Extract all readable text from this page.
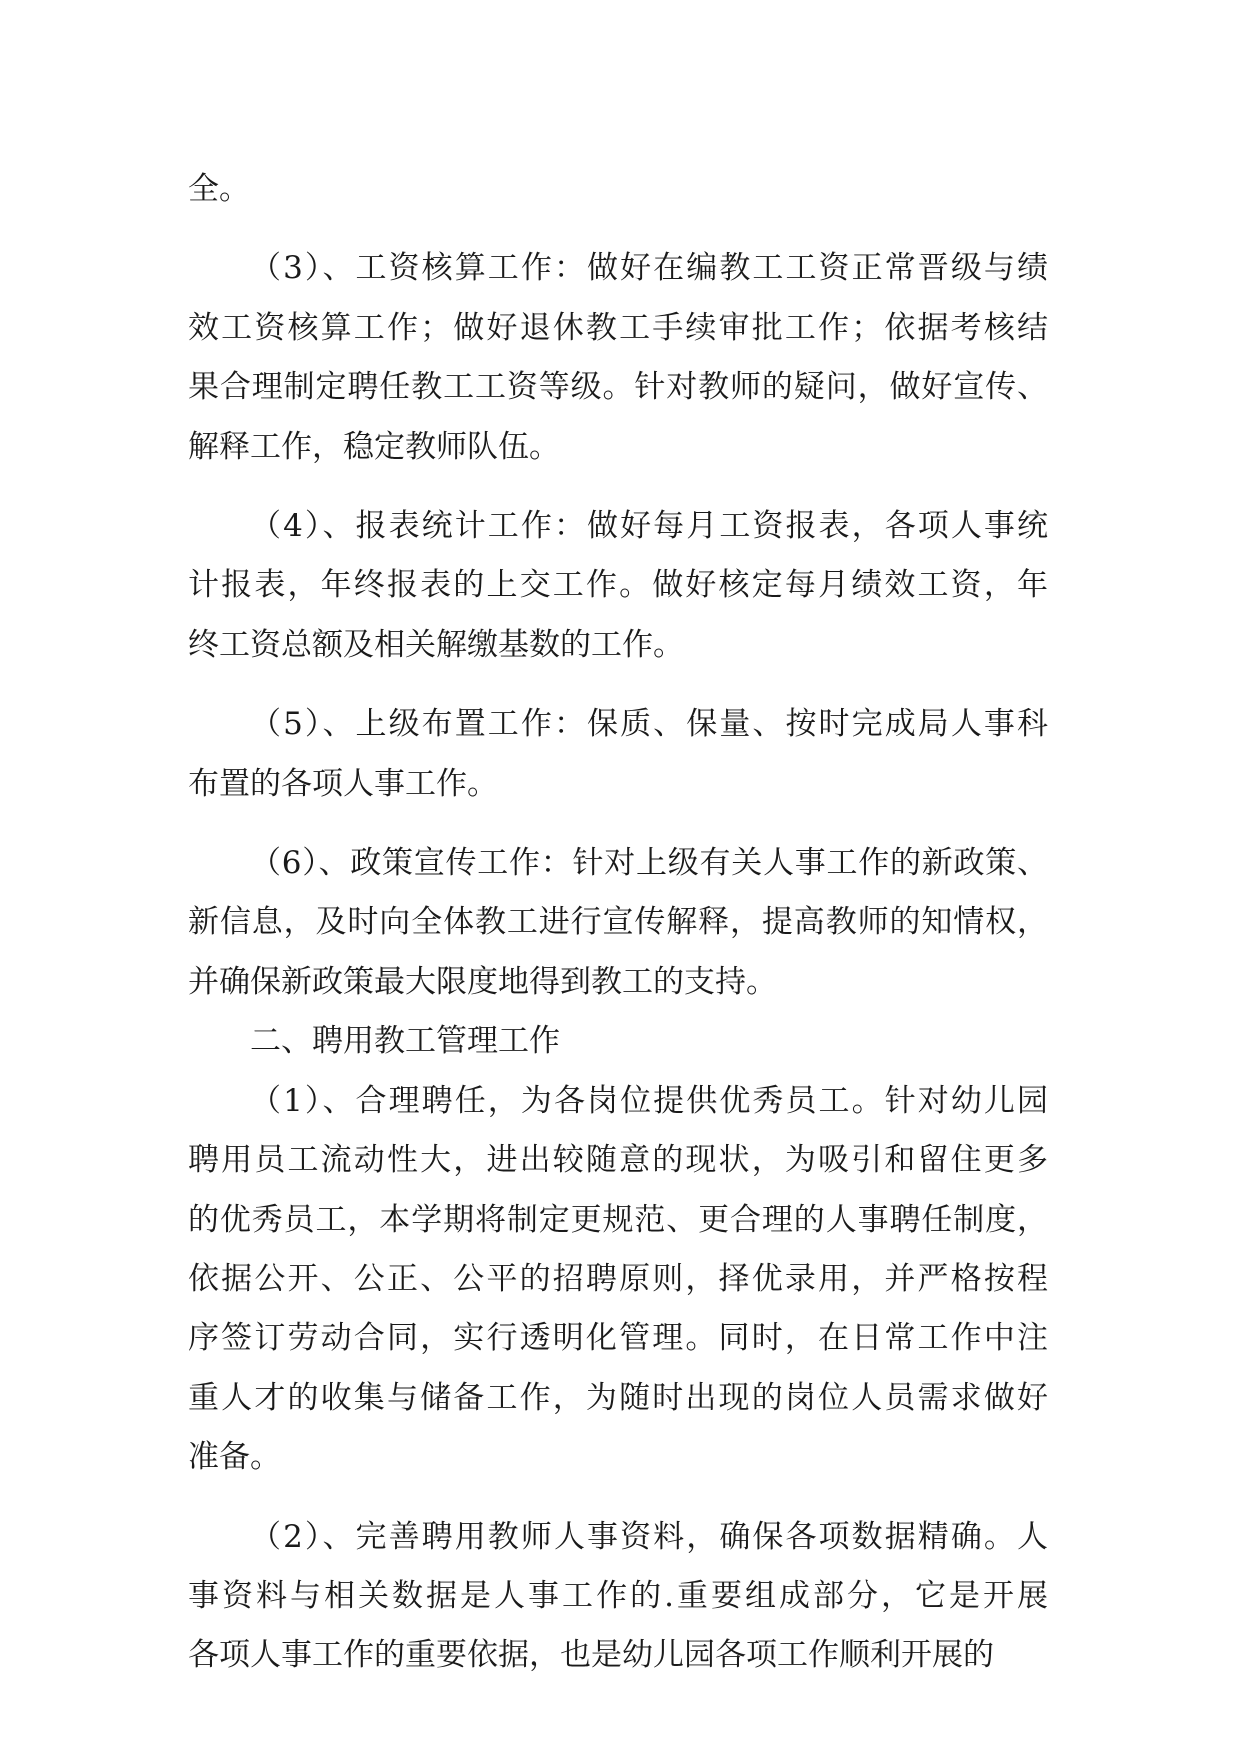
全。
（3）、工资核算工作：做好在编教工工资正常晋级与绩
效工资核算工作；做好退休教工手续审批工作；依据考核结
果合理制定聘任教工工资等级。针对教师的疑问，做好宣传、
解释工作，稳定教师队伍。
（4）、报表统计工作：做好每月工资报表，各项人事统
计报表，年终报表的上交工作。做好核定每月绩效工资，年
终工资总额及相关解缴基数的工作。
（5）、上级布置工作：保质、保量、按时完成局人事科
布置的各项人事工作。
（6）、政策宣传工作：针对上级有关人事工作的新政策、
新信息，及时向全体教工进行宣传解释，提高教师的知情权，
并确保新政策最大限度地得到教工的支持。
二、聘用教工管理工作
（1）、合理聘任，为各岗位提供优秀员工。针对幼儿园
聘用员工流动性大，进出较随意的现状，为吸引和留住更多
的优秀员工，本学期将制定更规范、更合理的人事聘任制度，
依据公开、公正、公平的招聘原则，择优录用，并严格按程
序签订劳动合同，实行透明化管理。同时，在日常工作中注
重人才的收集与储备工作，为随时出现的岗位人员需求做好
准备。
（2）、完善聘用教师人事资料，确保各项数据精确。人
事资料与相关数据是人事工作的.重要组成部分，它是开展
各项人事工作的重要依据，也是幼儿园各项工作顺利开展的
